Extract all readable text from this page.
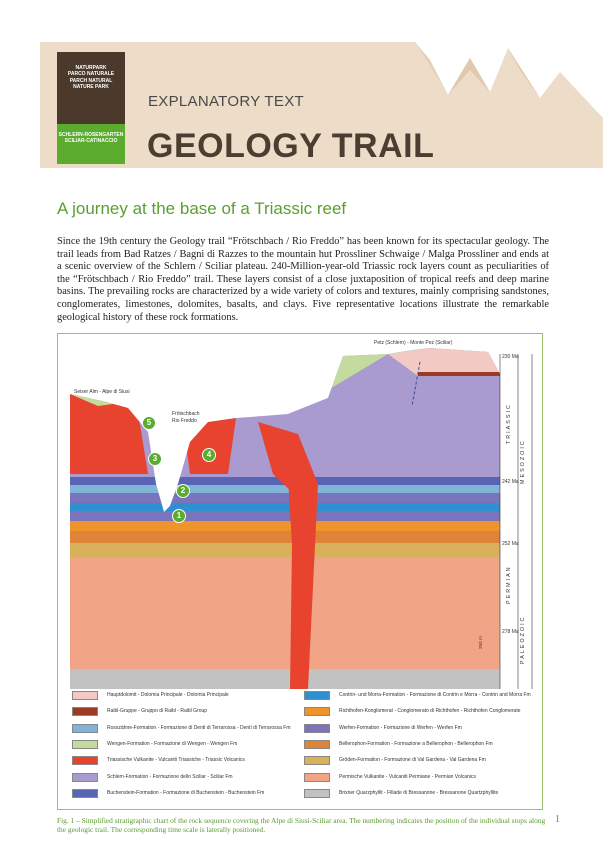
NATURPARK
PARCO NATURALE
PARCH NATURAL
NATURE PARK
SCHLERN-ROSENGARTEN
SCILIAR-CATINACCIO
EXPLANATORY TEXT
GEOLOGY TRAIL
A journey at the base of a Triassic reef
Since the 19th century the Geology trail “Frötschbach / Rio Freddo” has been known for its spectacular geology. The trail leads from Bad Ratzes / Bagni di Razzes to the mountain hut Prossliner Schwaige / Malga Prossliner and ends at a scenic overview of the Schlern / Sciliar plateau. 240-Million-year-old Triassic rock layers count as peculiarities of the “Frötschbach / Rio Freddo” trail. These layers consist of a close juxtaposition of tropical reefs and deep marine basins. The prevailing rocks are characterized by a wide variety of colors and textures, mainly comprising sandstones, conglomerates, limestones, dolomites, basalts, and clays. Five representative locations illustrate the remarkable geological history of these rock formations.
Seiser Alm - Alpe di Siusi
Frötschbach
Rio Freddo
Petz (Schlern) - Monte Pez (Sciliar)
230 Ma
242 Ma
252 Ma
278 Ma
250 m
TRIASSIC
PERMIAN
MESOZOIC
PALEOZOIC
1
2
3	4
5
Hauptdolomit - Dolomia Principale - Dolomia Principale
Raibl-Gruppe - Gruppo di Raibl - Raibl Group
Rosszähne-Formation - Formazione di Denti di Terrarossa - Denti di Terrarossa Fm
Wengen-Formation - Formazione di Wengen - Wengen Fm
Triassische Vulkanite - Vulcaniti Triassiche - Triassic Volcanics
Schlern-Formation - Formazione dello Sciliar - Sciliar Fm
Buchenstein-Formation - Formazione di Buchenstein - Buchenstein Fm
Contrin- und Morra-Formation - Formazione di Contrin e Morra - Contrin and Morra Fm
Richthofen-Konglomerat - Conglomerato di Richthofen - Richthofen Conglomerate
Werfen-Formation - Formazione di Werfen - Werfen Fm
Bellerophon-Formation - Formazione a Bellerophon - Bellerophon Fm
Gröden-Formation - Formazione di Val Gardena - Val Gardena Fm
Permische Vulkanite - Vulcaniti Permiane - Permian Volcanics
Brixner Quarzphyllit - Fillade di Bressanone - Bressanone Quartzphyllite
Fig. 1 – Simplified stratigraphic chart of the rock sequence covering the Alpe di Siusi-Sciliar area. The numbering indicates the position of the individual stops along the geologic trail. The corresponding time scale is laterally positioned.
1
